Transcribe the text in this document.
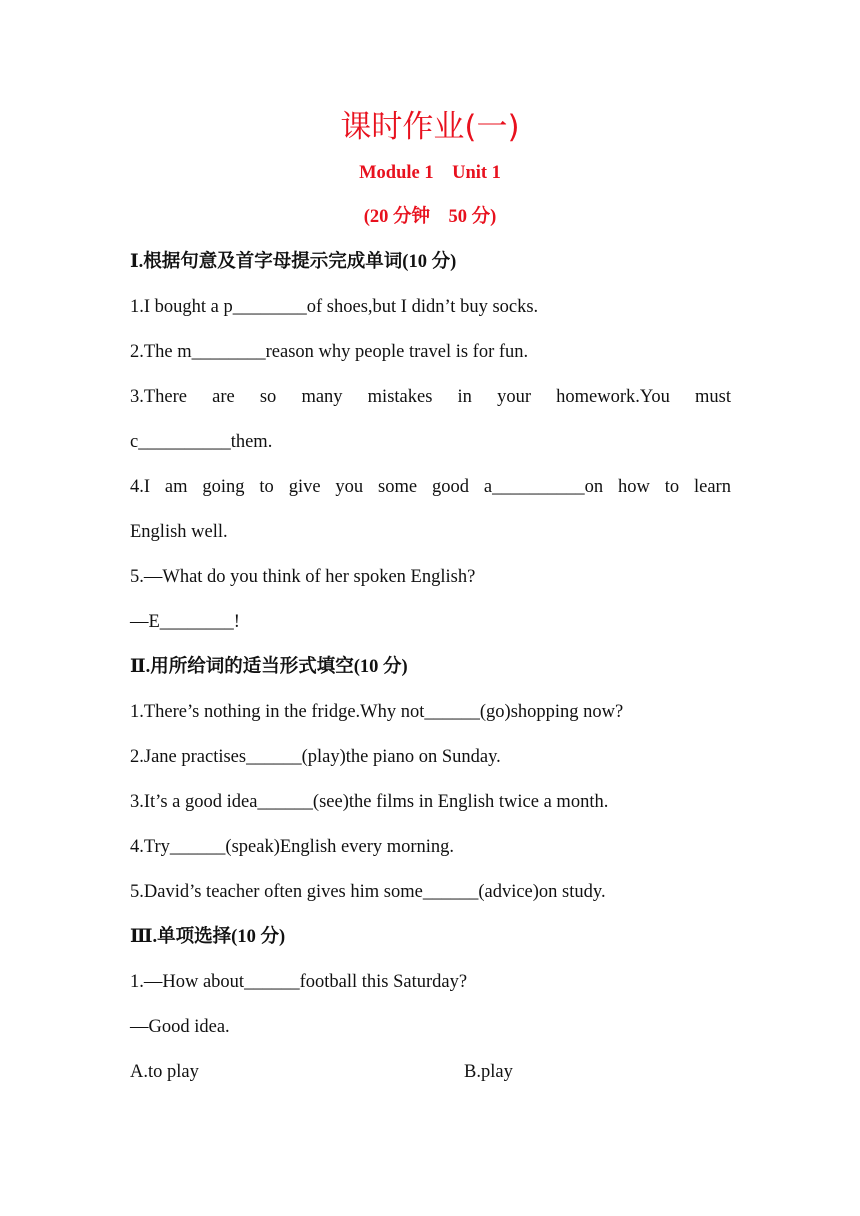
课时作业(一)
Module 1    Unit 1
(20 分钟    50 分)
Ⅰ.根据句意及首字母提示完成单词(10 分)
1.I bought a p________of shoes,but I didn’t buy socks.
2.The m________reason why people travel is for fun.
3.There are so many mistakes in your homework.You must
c__________them.
4.I am going to give you some good a__________on how to learn
English well.
5.—What do you think of her spoken English?
—E________!
Ⅱ.用所给词的适当形式填空(10 分)
1.There’s nothing in the fridge.Why not______(go)shopping now?
2.Jane practises______(play)the piano on Sunday.
3.It’s a good idea______(see)the films in English twice a month.
4.Try______(speak)English every morning.
5.David’s teacher often gives him some______(advice)on study.
Ⅲ.单项选择(10 分)
1.—How about______football this Saturday?
—Good idea.
A.to play	B.play
